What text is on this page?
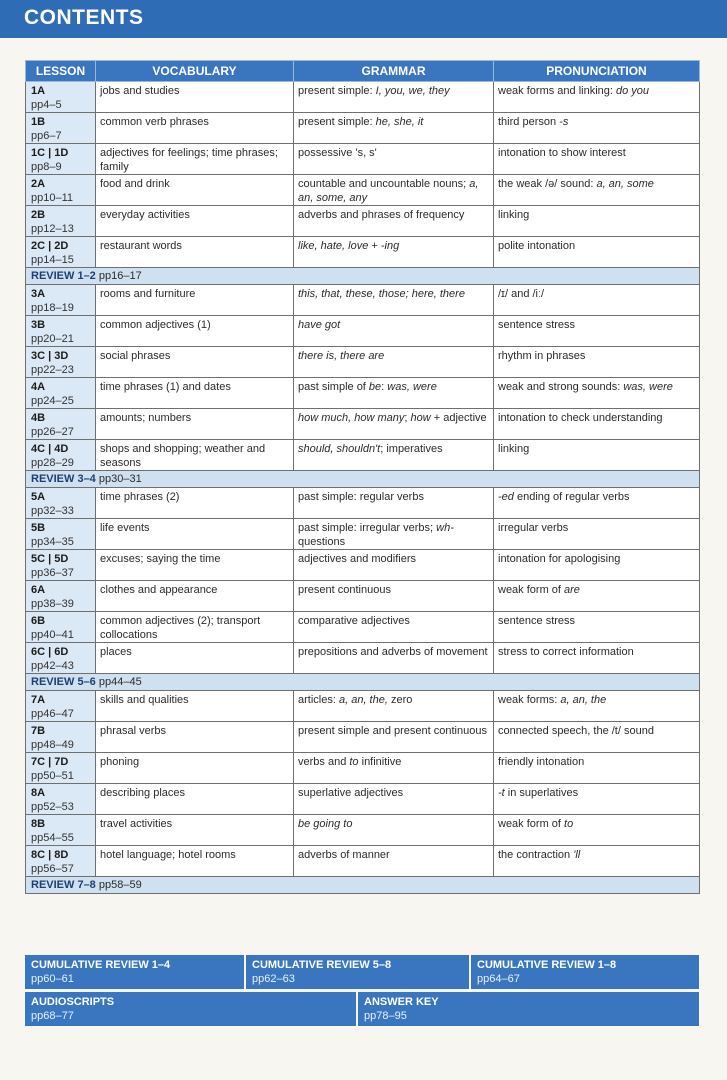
CONTENTS
LESSON	VOCABULARY	GRAMMAR	PRONUNCIATION

1A
pp4–5	jobs and studies	present simple: I, you, we, they	weak forms and linking: do you

1B
pp6–7	common verb phrases	present simple: he, she, it	third person -s

1C | 1D
pp8–9	adjectives for feelings; time phrases; family	possessive 's, s'	intonation to show interest

2A
pp10–11	food and drink	countable and uncountable nouns; a, an, some, any	the weak /ə/ sound: a, an, some

2B
pp12–13	everyday activities	adverbs and phrases of frequency	linking

2C | 2D
pp14–15	restaurant words	like, hate, love + -ing	polite intonation
REVIEW 1–2 pp16–17			

3A
pp18–19	rooms and furniture	this, that, these, those; here, there	/ɪ/ and /iː/

3B
pp20–21	common adjectives (1)	have got	sentence stress

3C | 3D
pp22–23	social phrases	there is, there are	rhythm in phrases

4A
pp24–25	time phrases (1) and dates	past simple of be: was, were	weak and strong sounds: was, were

4B
pp26–27	amounts; numbers	how much, how many; how + adjective	intonation to check understanding

4C | 4D
pp28–29	shops and shopping; weather and seasons	should, shouldn't; imperatives	linking
REVIEW 3–4 pp30–31			

5A
pp32–33	time phrases (2)	past simple: regular verbs	-ed ending of regular verbs

5B
pp34–35	life events	past simple: irregular verbs; wh- questions	irregular verbs

5C | 5D
pp36–37	excuses; saying the time	adjectives and modifiers	intonation for apologising

6A
pp38–39	clothes and appearance	present continuous	weak form of are

6B
pp40–41	common adjectives (2); transport collocations	comparative adjectives	sentence stress

6C | 6D
pp42–43	places	prepositions and adverbs of movement	stress to correct information
REVIEW 5–6 pp44–45			

7A
pp46–47	skills and qualities	articles: a, an, the, zero	weak forms: a, an, the

7B
pp48–49	phrasal verbs	present simple and present continuous	connected speech, the /t/ sound

7C | 7D
pp50–51	phoning	verbs and to infinitive	friendly intonation

8A
pp52–53	describing places	superlative adjectives	-t in superlatives

8B
pp54–55	travel activities	be going to	weak form of to

8C | 8D
pp56–57	hotel language; hotel rooms	adverbs of manner	the contraction 'll
REVIEW 7–8 pp58–59			
CUMULATIVE REVIEW 1–4
pp60–61
CUMULATIVE REVIEW 5–8
pp62–63
CUMULATIVE REVIEW 1–8
pp64–67
AUDIOSCRIPTS
pp68–77
ANSWER KEY
pp78–95
